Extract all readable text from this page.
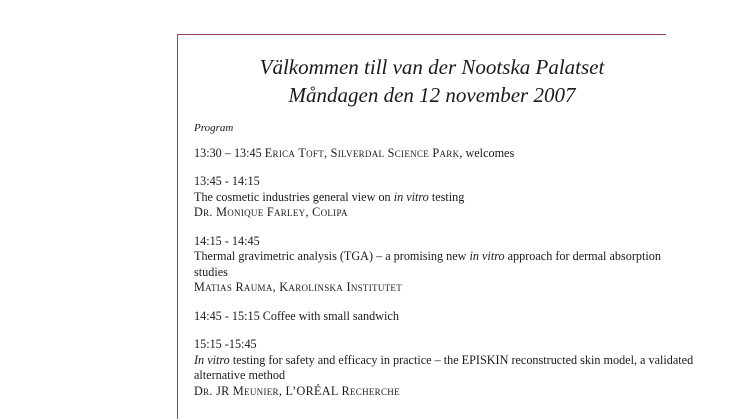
Välkommen till van der Nootska Palatset
Måndagen den 12 november 2007
Program
13:30 – 13:45 Erica Toft, Silverdal Science Park, welcomes
13:45 - 14:15
The cosmetic industries general view on in vitro testing
Dr. Monique Farley, Colipa
14:15 - 14:45
Thermal gravimetric analysis (TGA) – a promising new in vitro approach for dermal absorption studies
Matias Rauma, Karolinska Institutet
14:45 - 15:15 Coffee with small sandwich
15:15 -15:45
In vitro testing for safety and efficacy in practice – the EPISKIN reconstructed skin model, a validated alternative method
Dr. JR Meunier, L’ORÉAL Recherche
